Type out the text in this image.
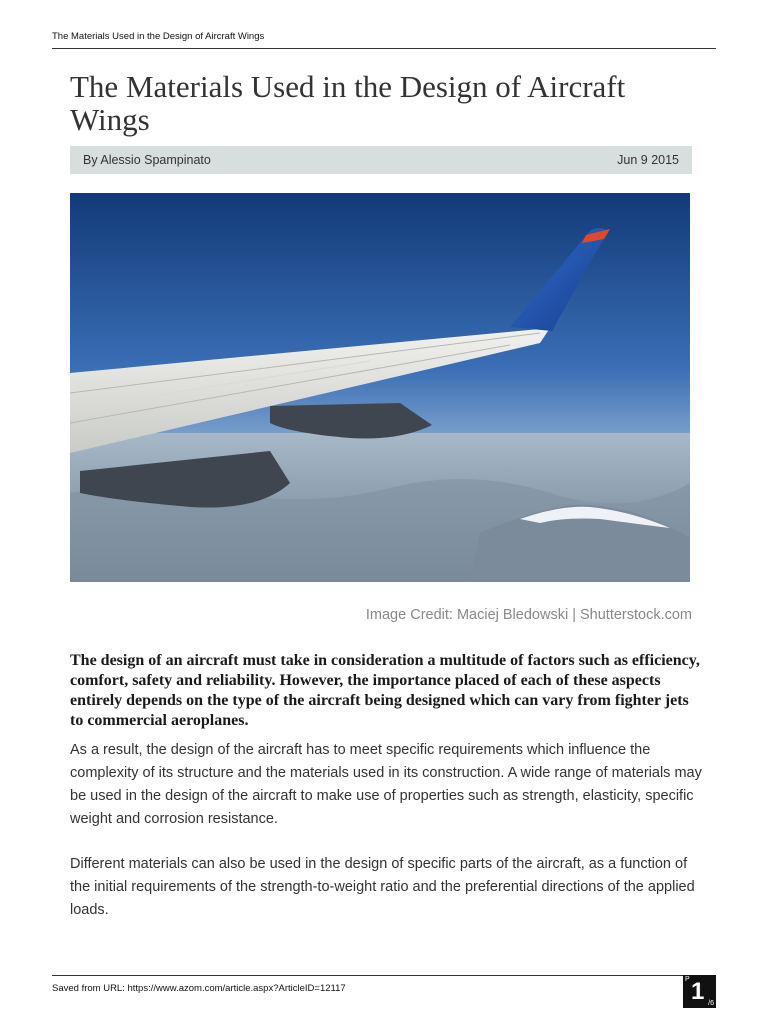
The Materials Used in the Design of Aircraft Wings
The Materials Used in the Design of Aircraft Wings
By Alessio Spampinato	Jun 9 2015
Image Credit: Maciej Bledowski | Shutterstock.com

The design of an aircraft must take in consideration a multitude of factors such as efficiency, comfort, safety and reliability. However, the importance placed of each of these aspects entirely depends on the type of the aircraft being designed which can vary from fighter jets to commercial aeroplanes.

As a result, the design of the aircraft has to meet specific requirements which influence the complexity of its structure and the materials used in its construction. A wide range of materials may be used in the design of the aircraft to make use of properties such as strength, elasticity, specific weight and corrosion resistance.

Different materials can also be used in the design of specific parts of the aircraft, as a function of the initial requirements of the strength-to-weight ratio and the preferential directions of the applied loads.

Saved from URL: https://www.azom.com/article.aspx?ArticleID=12117
P 1 /6
